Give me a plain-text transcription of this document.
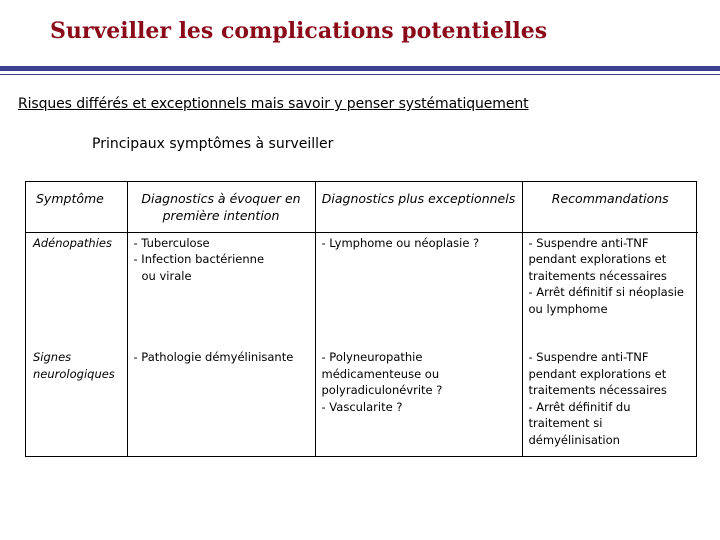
Surveiller les complications potentielles
Risques différés et exceptionnels mais savoir y penser systématiquement
Principaux symptômes à surveiller
Symptôme	Diagnostics à évoquer en première intention	Diagnostics plus exceptionnels	Recommandations
Adénopathies	- Tuberculose
- Infection bactérienne
ou virale	- Lymphome ou néoplasie ?	- Suspendre anti-TNF pendant explorations et traitements nécessaires
- Arrêt définitif si néoplasie ou lymphome

Signes neurologiques	- Pathologie démyélinisante	- Polyneuropathie médicamenteuse ou polyradiculonévrite ?
- Vascularite ?	- Suspendre anti-TNF pendant explorations et traitements nécessaires
- Arrêt définitif du traitement si démyélinisation
